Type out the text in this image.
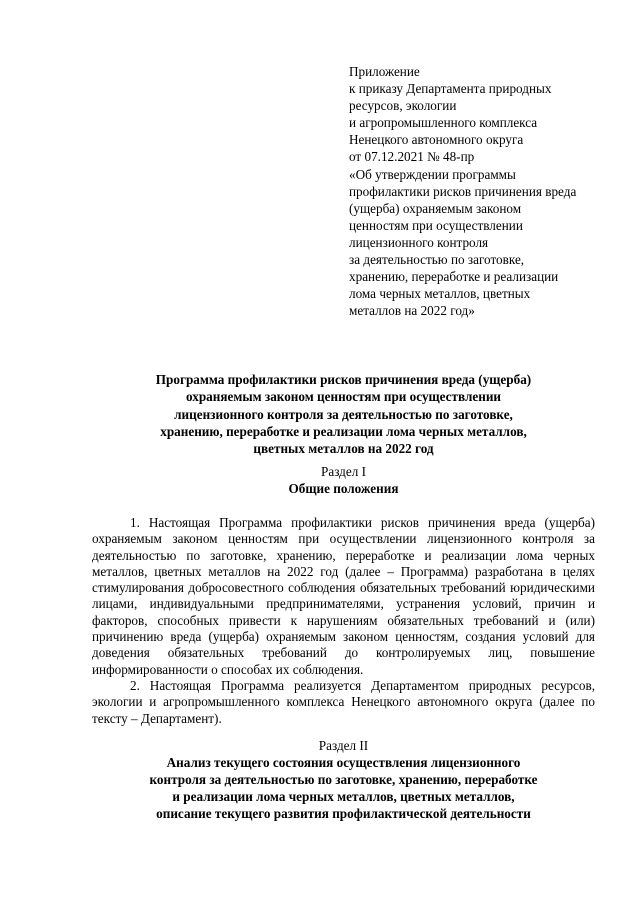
Приложение
к приказу Департамента природных
ресурсов, экологии
и агропромышленного комплекса
Ненецкого автономного округа
от 07.12.2021 № 48-пр
«Об утверждении программы
профилактики рисков причинения вреда
(ущерба) охраняемым законом
ценностям при осуществлении
лицензионного контроля
за деятельностью по заготовке,
хранению, переработке и реализации
лома черных металлов, цветных
металлов на 2022 год»
Программа профилактики рисков причинения вреда (ущерба)
охраняемым законом ценностям при осуществлении
лицензионного контроля за деятельностью по заготовке,
хранению, переработке и реализации лома черных металлов,
цветных металлов на 2022 год
Раздел I
Общие положения

1. Настоящая Программа профилактики рисков причинения вреда (ущерба) охраняемым законом ценностям при осуществлении лицензионного контроля за деятельностью по заготовке, хранению, переработке и реализации лома черных металлов, цветных металлов на 2022 год (далее – Программа) разработана в целях стимулирования добросовестного соблюдения обязательных требований юридическими лицами, индивидуальными предпринимателями, устранения условий, причин и факторов, способных привести к нарушениям обязательных требований и (или) причинению вреда (ущерба) охраняемым законом ценностям, создания условий для доведения обязательных требований до контролируемых лиц, повышение информированности о способах их соблюдения.

2. Настоящая Программа реализуется Департаментом природных ресурсов, экологии и агропромышленного комплекса Ненецкого автономного округа (далее по тексту – Департамент).

Раздел II
Анализ текущего состояния осуществления лицензионного
контроля за деятельностью по заготовке, хранению, переработке
и реализации лома черных металлов, цветных металлов,
описание текущего развития профилактической деятельности
